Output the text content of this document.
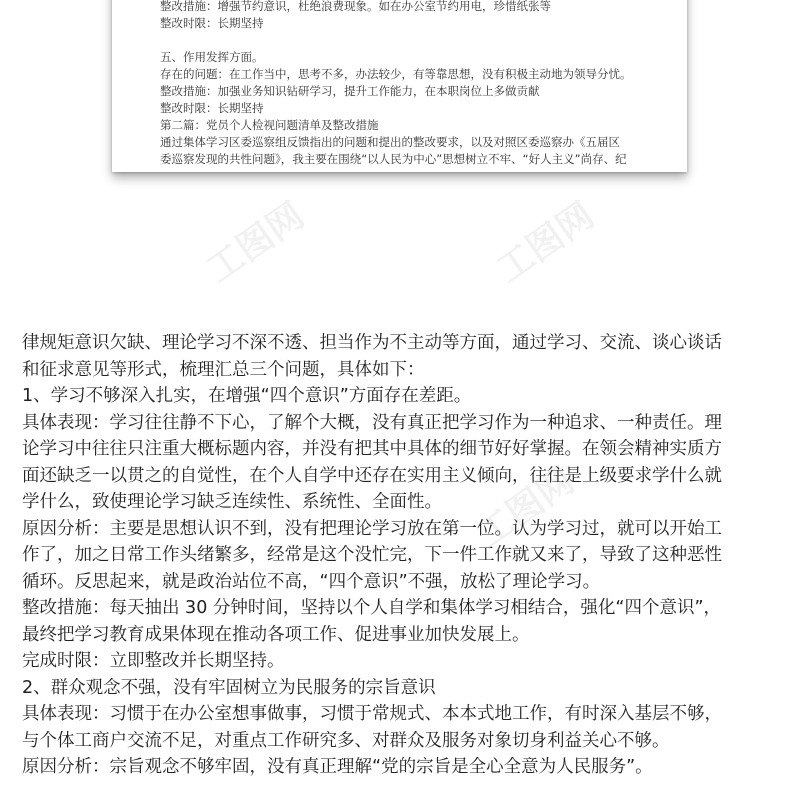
整改措施：增强节约意识，杜绝浪费现象。如在办公室节约用电，珍惜纸张等
整改时限：长期坚持
五、作用发挥方面。
存在的问题：在工作当中，思考不多，办法较少，有等靠思想，没有积极主动地为领导分忧。
整改措施：加强业务知识钻研学习，提升工作能力，在本职岗位上多做贡献
整改时限：长期坚持
第二篇：党员个人检视问题清单及整改措施
通过集体学习区委巡察组反馈指出的问题和提出的整改要求，以及对照区委巡察办《五届区
委巡察发现的共性问题》，我主要在围绕“以人民为中心”思想树立不牢、“好人主义”尚存、纪
工图网	工图网
工图网
律规矩意识欠缺、理论学习不深不透、担当作为不主动等方面，通过学习、交流、谈心谈话
和征求意见等形式，梳理汇总三个问题，具体如下：
1、学习不够深入扎实，在增强“四个意识”方面存在差距。
具体表现：学习往往静不下心，了解个大概，没有真正把学习作为一种追求、一种责任。理
论学习中往往只注重大概标题内容，并没有把其中具体的细节好好掌握。在领会精神实质方
面还缺乏一以贯之的自觉性，在个人自学中还存在实用主义倾向，往往是上级要求学什么就
学什么，致使理论学习缺乏连续性、系统性、全面性。
原因分析：主要是思想认识不到，没有把理论学习放在第一位。认为学习过，就可以开始工
作了，加之日常工作头绪繁多，经常是这个没忙完，下一件工作就又来了，导致了这种恶性
循环。反思起来，就是政治站位不高，“四个意识”不强，放松了理论学习。
整改措施：每天抽出 30 分钟时间，坚持以个人自学和集体学习相结合，强化“四个意识”，
最终把学习教育成果体现在推动各项工作、促进事业加快发展上。
完成时限：立即整改并长期坚持。
2、群众观念不强，没有牢固树立为民服务的宗旨意识
具体表现：习惯于在办公室想事做事，习惯于常规式、本本式地工作，有时深入基层不够，
与个体工商户交流不足，对重点工作研究多、对群众及服务对象切身利益关心不够。
原因分析：宗旨观念不够牢固，没有真正理解“党的宗旨是全心全意为人民服务”。
